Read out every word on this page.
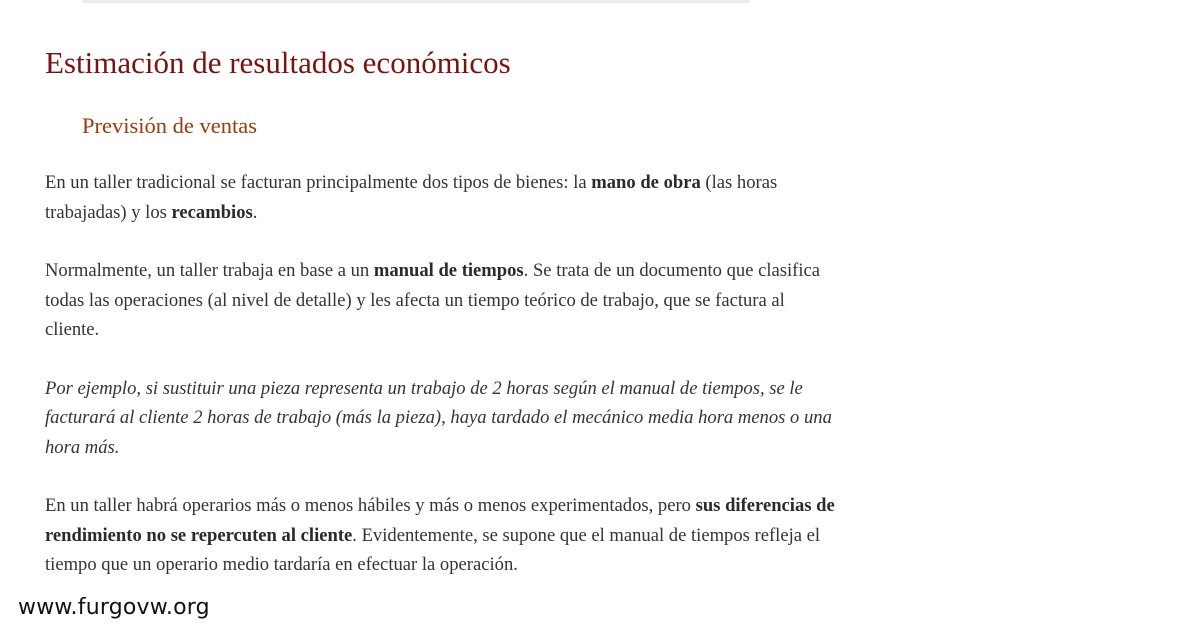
Estimación de resultados económicos
Previsión de ventas

En un taller tradicional se facturan principalmente dos tipos de bienes: la mano de obra (las horas trabajadas) y los recambios.

Normalmente, un taller trabaja en base a un manual de tiempos. Se trata de un documento que clasifica todas las operaciones (al nivel de detalle) y les afecta un tiempo teórico de trabajo, que se factura al cliente.

Por ejemplo, si sustituir una pieza representa un trabajo de 2 horas según el manual de tiempos, se le facturará al cliente 2 horas de trabajo (más la pieza), haya tardado el mecánico media hora menos o una hora más.

En un taller habrá operarios más o menos hábiles y más o menos experimentados, pero sus diferencias de rendimiento no se repercuten al cliente. Evidentemente, se supone que el manual de tiempos refleja el tiempo que un operario medio tardaría en efectuar la operación.

www.furgovw.org
